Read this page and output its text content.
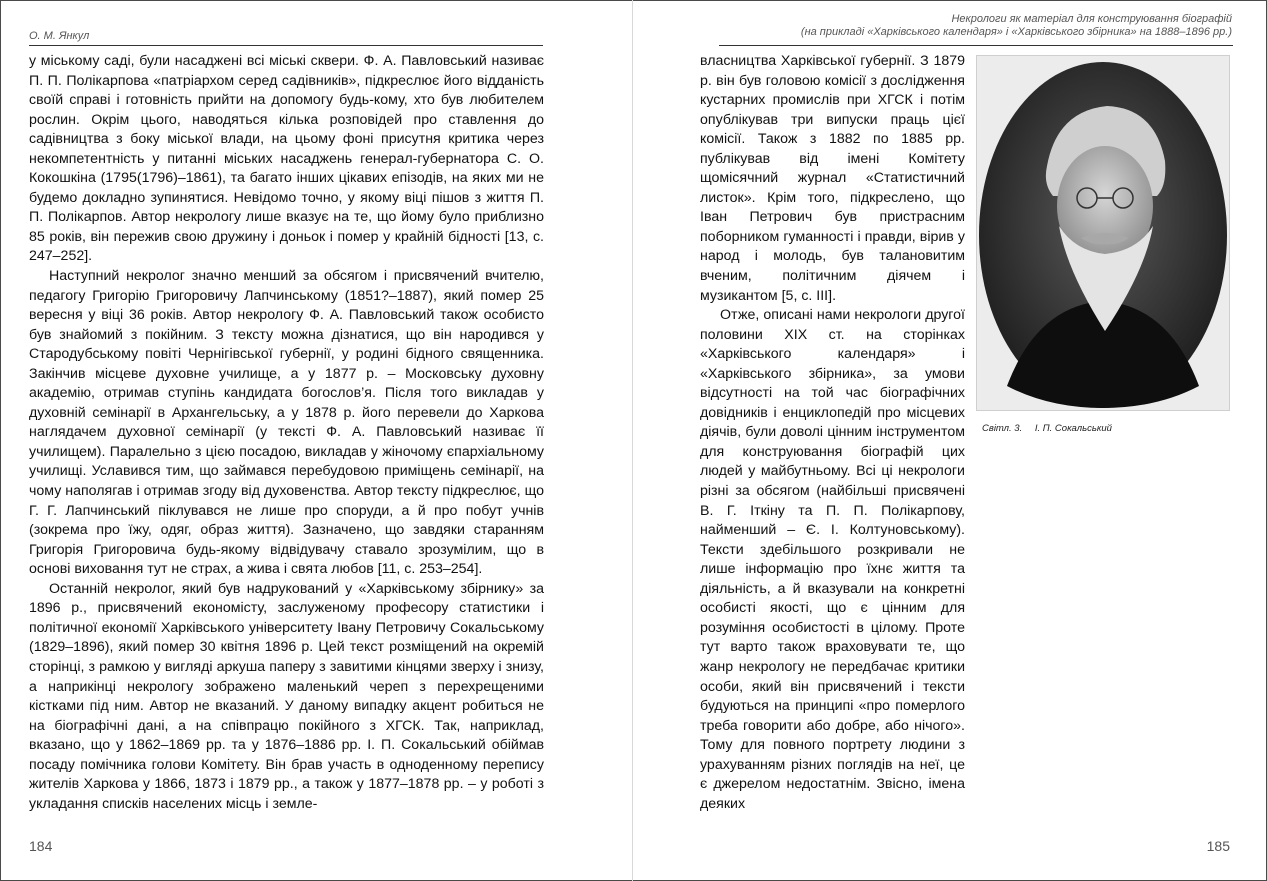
О. М. Янкул

у міському саді, були насаджені всі міські сквери. Ф. А. Павловський називає П. П. Полікарпова «патріархом серед садівників», підкреслює його відданість своїй справі і готовність прийти на допомогу будь-кому, хто був любителем рослин. Окрім цього, наводяться кілька розповідей про ставлення до садівництва з боку міської влади, на цьому фоні присутня критика через некомпетентність у питанні міських насаджень генерал-губернатора С. О. Кокошкіна (1795(1796)–1861), та багато інших цікавих епізодів, на яких ми не будемо докладно зупинятися. Невідомо точно, у якому віці пішов з життя П. П. Полікарпов. Автор некрологу лише вказує на те, що йому було приблизно 85 років, він пережив свою дружину і доньок і помер у крайній бідності [13, с. 247–252].

Наступний некролог значно менший за обсягом і присвячений вчителю, педагогу Григорію Григоровичу Лапчинському (1851?–1887), який помер 25 вересня у віці 36 років. Автор некрологу Ф. А. Павловський також особисто був знайомий з покійним. З тексту можна дізнатися, що він народився у Стародубському повіті Чернігівської губернії, у родині бідного священника. Закінчив місцеве духовне училище, а у 1877 р. – Московську духовну академію, отримав ступінь кандидата богослов’я. Після того викладав у духовній семінарії в Архангельську, а у 1878 р. його перевели до Харкова наглядачем духовної семінарії (у тексті Ф. А. Павловський називає її училищем). Паралельно з цією посадою, викладав у жіночому єпархіальному училищі. Уславився тим, що займався перебудовою приміщень семінарії, на чому наполягав і отримав згоду від духовенства. Автор тексту підкреслює, що Г. Г. Лапчинський піклувався не лише про споруди, а й про побут учнів (зокрема про їжу, одяг, образ життя). Зазначено, що завдяки старанням Григорія Григоровича будь-якому відвідувачу ставало зрозумілим, що в основі виховання тут не страх, а жива і свята любов [11, с. 253–254].

Останній некролог, який був надрукований у «Харківському збірнику» за 1896 р., присвячений економісту, заслуженому професору статистики і політичної економії Харківського університету Івану Петровичу Сокальському (1829–1896), який помер 30 квітня 1896 р. Цей текст розміщений на окремій сторінці, з рамкою у вигляді аркуша паперу з завитими кінцями зверху і знизу, а наприкінці некрологу зображено маленький череп з перехрещеними кістками під ним. Автор не вказаний. У даному випадку акцент робиться не на біографічні дані, а на співпрацю покійного з ХГСК. Так, наприклад, вказано, що у 1862–1869 рр. та у 1876–1886 рр. І. П. Сокальський обіймав посаду помічника голови Комітету. Він брав участь в одноденному перепису жителів Харкова у 1866, 1873 і 1879 рр., а також у 1877–1878 рр. – у роботі з укладання списків населених місць і земле-

184
Некрологи як матеріал для конструювання біографій
(на прикладі «Харківського календаря» і «Харківського збірника» на 1888–1896 рр.)

власництва Харківської губернії. З 1879 р. він був головою комісії з дослідження кустарних промислів при ХГСК і потім опублікував три випуски праць цієї комісії. Також з 1882 по 1885 рр. публікував від імені Комітету щомісячний журнал «Статистичний листок». Крім того, підкреслено, що Іван Петрович був пристрасним поборником гуманності і правди, вірив у народ і молодь, був талановитим вченим, політичним діячем і музикантом [5, с. III].

Отже, описані нами некрологи другої половини XIX ст. на сторінках «Харківського календаря» і «Харківського збірника», за умови відсутності на той час біографічних довідників і енциклопедій про місцевих діячів, були доволі цінним інструментом для конструювання біографій цих людей у майбутньому. Всі ці некрологи різні за обсягом (найбільші присвячені В. Г. Іткіну та П. П. Полікарпову, найменший – Є. І. Колтуновському). Тексти здебільшого розкривали не лише інформацію про їхнє життя та діяльність, а й вказували на конкретні особисті якості, що є цінним для розуміння особистості в цілому. Проте тут варто також враховувати те, що жанр некрологу не передбачає критики особи, який він присвячений і тексти будуються на принципі «про померлого треба говорити або добре, або нічого». Тому для повного портрету людини з урахуванням різних поглядів на неї, це є джерелом недостатнім. Звісно, імена деяких

Світл. 3. І. П. Сокальський
185
